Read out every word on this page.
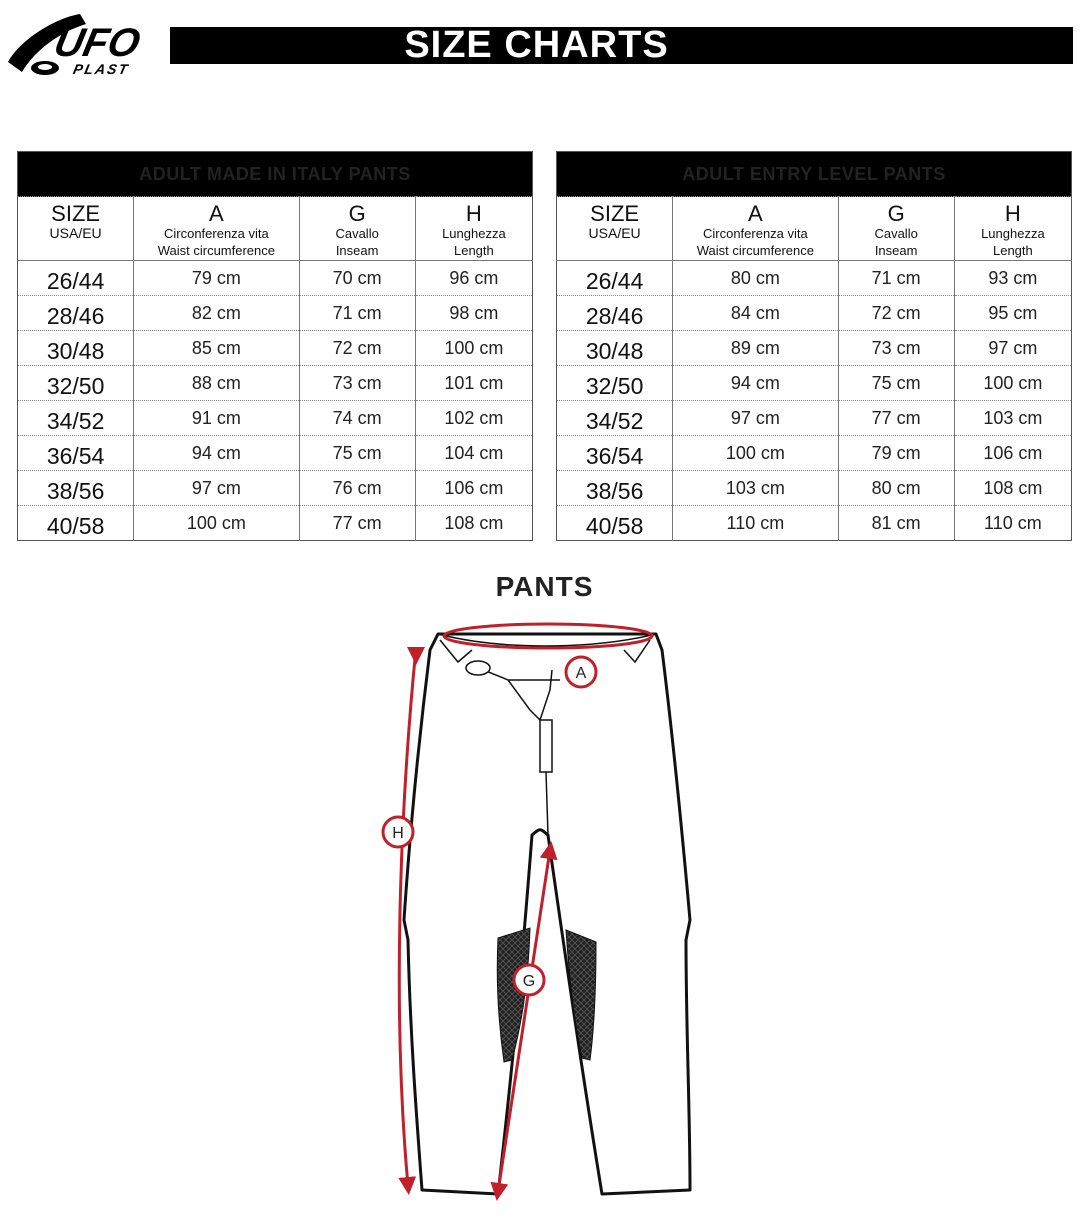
SIZE CHARTS
UFO
PLAST
ADULT MADE IN ITALY PANTS			

SIZE
USA/EU	A
Circonferenza vita
Waist circumference	G
Cavallo
Inseam	H
Lunghezza
Length

26/44	79 cm	70 cm	96 cm
28/46	82 cm	71 cm	98 cm
30/48	85 cm	72 cm	100 cm
32/50	88 cm	73 cm	101 cm
34/52	91 cm	74 cm	102 cm
36/54	94 cm	75 cm	104 cm
38/56	97 cm	76 cm	106 cm
40/58	100 cm	77 cm	108 cm
ADULT ENTRY LEVEL PANTS			

SIZE
USA/EU	A
Circonferenza vita
Waist circumference	G
Cavallo
Inseam	H
Lunghezza
Length

26/44	80 cm	71 cm	93 cm
28/46	84 cm	72 cm	95 cm
30/48	89 cm	73 cm	97 cm
32/50	94 cm	75 cm	100 cm
34/52	97 cm	77 cm	103 cm
36/54	100 cm	79 cm	106 cm
38/56	103 cm	80 cm	108 cm
40/58	110 cm	81 cm	110 cm
PANTS
A
H
G
